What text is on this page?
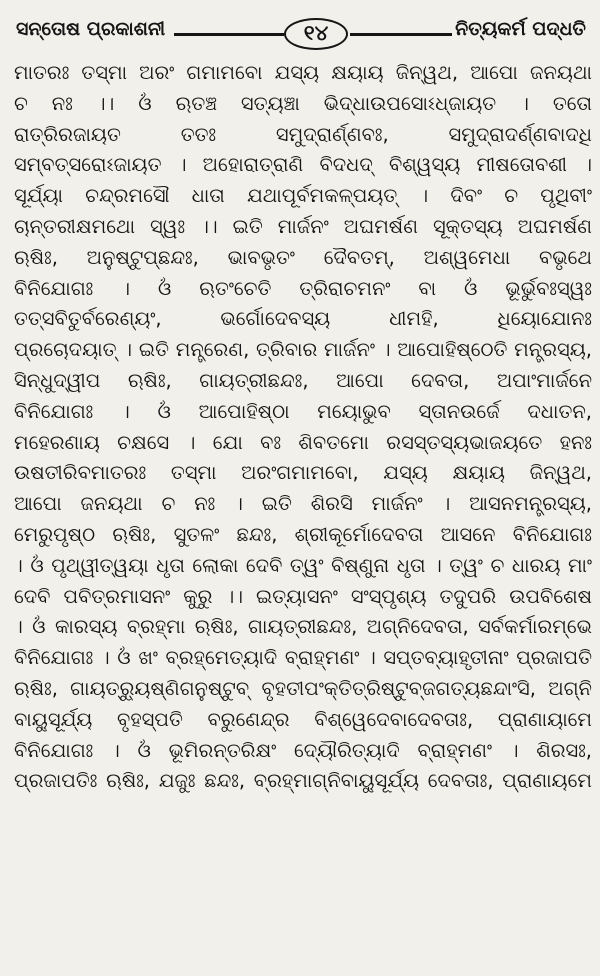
ସନ୍ତୋଷ ପ୍ରକାଶନୀ	୧୪	ନିତ୍ୟକର୍ମ ପଦ୍ଧତି
ମାତରଃ ତସ୍ମା ଅରଂ ଗମାମବୋ ଯସ୍ୟ କ୍ଷୟାୟ ଜିନ୍ୱଥ, ଆପୋ ଜନୟଥା
ଚ ନଃ ।। ଓଁ ଋତଞ୍ଚ ସତ୍ୟଞ୍ଚା ଭିଦ୍ଧାଉପସୋଽଧ୍ଜାୟତ । ତତୋ
ରାତ୍ରିରଜାୟତ ତତଃ ସମୁଦ୍ରାର୍ଣ୍ଣବଃ, ସମୁଦ୍ରାଦର୍ଣ୍ଣବାଦଧି
ସମ୍ବତ୍ସରୋଽଜାୟତ । ଅହୋରାତ୍ରାଣି ବିଦଧଦ୍ ବିଶ୍ୱସ୍ୟ ମୀଷତୋବଶୀ ।
ସୂର୍ଯ୍ୟା ଚନ୍ଦ୍ରମସୌ ଧାତା ଯଥାପୂର୍ବମକଳ୍ପୟତ୍ । ଦିବଂ ଚ ପୃଥିବୀଂ
ଚାନ୍ତରୀକ୍ଷମଥୋ ସ୍ୱଃ ।। ଇତି ମାର୍ଜନଂ ଅଘମର୍ଷଣ ସୂକ୍ତସ୍ୟ ଅଘମର୍ଷଣ
ଋଷିଃ, ଅନୁଷ୍ଟୁପ୍ଛନ୍ଦଃ, ଭାବଭୃତଂ ଦୈବତମ୍, ଅଶ୍ୱମେଧା ବଭୃଥେ
ବିନିଯୋଗଃ । ଓଁ ଋତଂଚେତି ତ୍ରିରାଚମନଂ ବା ଓଁ ଭୂର୍ଭୁବଃସ୍ୱଃ
ତତ୍ସବିତୁର୍ବରେଣ୍ୟଂ, ଭର୍ଗୋଦେବସ୍ୟ ଧୀମହି, ଧିୟୋଯୋନଃ
ପ୍ରଚୋଦୟାତ୍ । ଇତି ମନ୍ତ୍ରେଣ, ତ୍ରିବାର ମାର୍ଜନଂ । ଆପୋହିଷ୍ଠେତି ମନ୍ତ୍ରସ୍ୟ,
ସିନ୍ଧୁଦ୍ୱୀପ ଋଷିଃ, ଗାୟତ୍ରୀଛନ୍ଦଃ, ଆପୋ ଦେବତା, ଅପାଂମାର୍ଜନେ
ବିନିଯୋଗଃ । ଓଁ ଆପୋହିଷ୍ଠା ମୟୋଭୁବ ସ୍ତାନଉର୍ଜେ ଦଧାତନ,
ମହେରଣାୟ ଚକ୍ଷସେ । ଯୋ ବଃ ଶିବତମୋ ରସସ୍ତସ୍ୟଭାଜୟତେ ହନଃ
ଉଷତୀରିବମାତରଃ ତସ୍ମା ଅରଂଗମାମବୋ, ଯସ୍ୟ କ୍ଷୟାୟ ଜିନ୍ୱଥ,
ଆପୋ ଜନୟଥା ଚ ନଃ । ଇତି ଶିରସି ମାର୍ଜନଂ । ଆସନମନ୍ତ୍ରସ୍ୟ,
ମେରୁପୃଷ୍ଠ ଋଷିଃ, ସୁତଳଂ ଛନ୍ଦଃ, ଶ୍ରୀକୂର୍ମୋଦେବତା ଆସନେ ବିନିଯୋଗଃ
। ଓଁ ପୃଥ୍ୱୀତ୍ୱୟା ଧୃତା ଲୋକା ଦେବି ତ୍ୱଂ ବିଷ୍ଣୁନା ଧୃତା । ତ୍ୱଂ ଚ ଧାରୟ ମାଂ
ଦେବି ପବିତ୍ରମାସନଂ କୁରୁ ।। ଇତ୍ୟାସନଂ ସଂସ୍ପୃଶ୍ୟ ତଦୁପରି ଉପବିଶେଷ
। ଓଁ କାରସ୍ୟ ବ୍ରହ୍ମା ଋଷିଃ, ଗାୟତ୍ରୀଛନ୍ଦଃ, ଅଗ୍ନିଦେବତା, ସର୍ବକର୍ମାରମ୍ଭେ
ବିନିଯୋଗଃ । ଓଁ ଖଂ ବ୍ରହ୍ମେତ୍ୟାଦି ବ୍ରାହ୍ମଣଂ । ସପ୍ତବ୍ୟାହୃତୀନାଂ ପ୍ରଜାପତି
ଋଷିଃ, ଗାୟତ୍ର୍ୟୁଷ୍ଣିଗନୁଷ୍ଟୁବ୍ ବୃହତୀପଂକ୍ତିତ୍ରିଷ୍ଟୁବ୍ଜଗତ୍ୟଛନ୍ଦାଂସି, ଅଗ୍ନି
ବାୟୁସୂର୍ଯ୍ୟ ବୃହସ୍ପତି ବରୁଣେନ୍ଦ୍ର ବିଶ୍ୱେଦେବାଦେବତାଃ, ପ୍ରାଣାୟାମେ
ବିନିଯୋଗଃ । ଓଁ ଭୂମିରନ୍ତରିକ୍ଷଂ ଦ୍ୟୌରିତ୍ୟାଦି ବ୍ରାହ୍ମଣଂ । ଶିରସଃ,
ପ୍ରଜାପତିଃ ଋଷିଃ, ଯଜୁଃ ଛନ୍ଦଃ, ବ୍ରହ୍ମାଗ୍ନିବାୟୁସୂର୍ଯ୍ୟ ଦେବତାଃ, ପ୍ରାଣାୟମେ
